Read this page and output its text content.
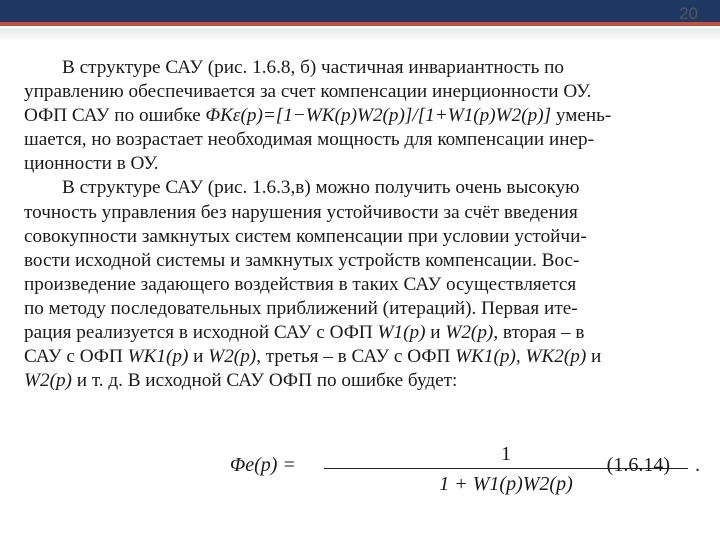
20

В структуре САУ (рис. 1.6.8, б) частичная инвариантность по

управлению обеспечивается за счет компенсации инерционности ОУ.

ОФП САУ по ошибке ΦKε(p)=[1−WK(p)W2(p)]/[1+W1(p)W2(p)] умень-

шается, но возрастает необходимая мощность для компенсации инер-

ционности в ОУ.

В структуре САУ (рис. 1.6.3,в) можно получить очень высокую

точность управления без нарушения устойчивости за счёт введения

совокупности замкнутых систем компенсации при условии устойчи-

вости исходной системы и замкнутых устройств компенсации. Вос-

произведение задающего воздействия в таких САУ осуществляется

по методу последовательных приближений (итераций). Первая ите-

рация реализуется в исходной САУ с ОФП W1(p) и W2(p), вторая – в

САУ с ОФП WK1(p) и W2(p), третья – в САУ с ОФП WK1(p), WK2(p) и

W2(p) и т. д. В исходной САУ ОФП по ошибке будет:

Φe(p) =	1
1 + W1(p)W2(p)
.
(1.6.14)
